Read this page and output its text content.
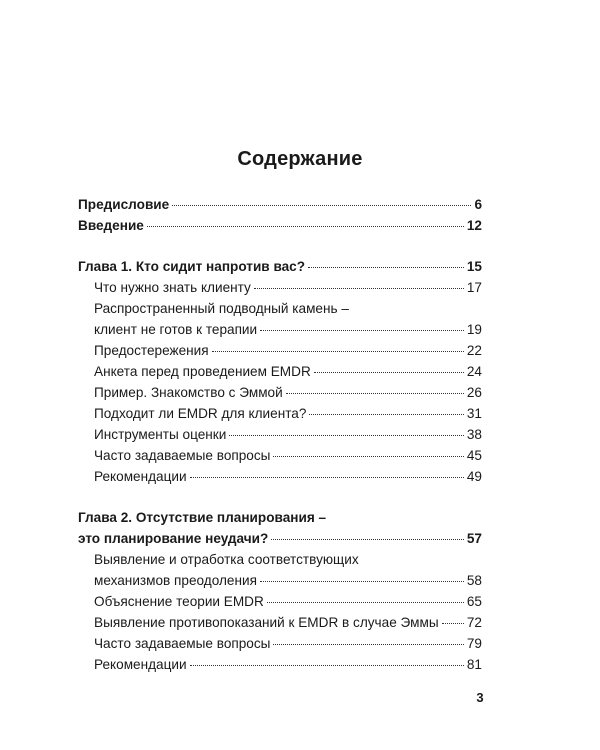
Содержание
Предисловие	6
Введение	12
Глава 1. Кто сидит напротив вас?	15
Что нужно знать клиенту	17
Распространенный подводный камень –
клиент не готов к терапии	19
Предостережения	22
Анкета перед проведением EMDR	24
Пример. Знакомство с Эммой	26
Подходит ли EMDR для клиента?	31
Инструменты оценки	38
Часто задаваемые вопросы	45
Рекомендации	49
Глава 2. Отсутствие планирования –
это планирование неудачи?	57
Выявление и отработка соответствующих
механизмов преодоления	58
Объяснение теории EMDR	65
Выявление противопоказаний к EMDR в случае Эммы 72
Часто задаваемые вопросы	79
Рекомендации	81
3
